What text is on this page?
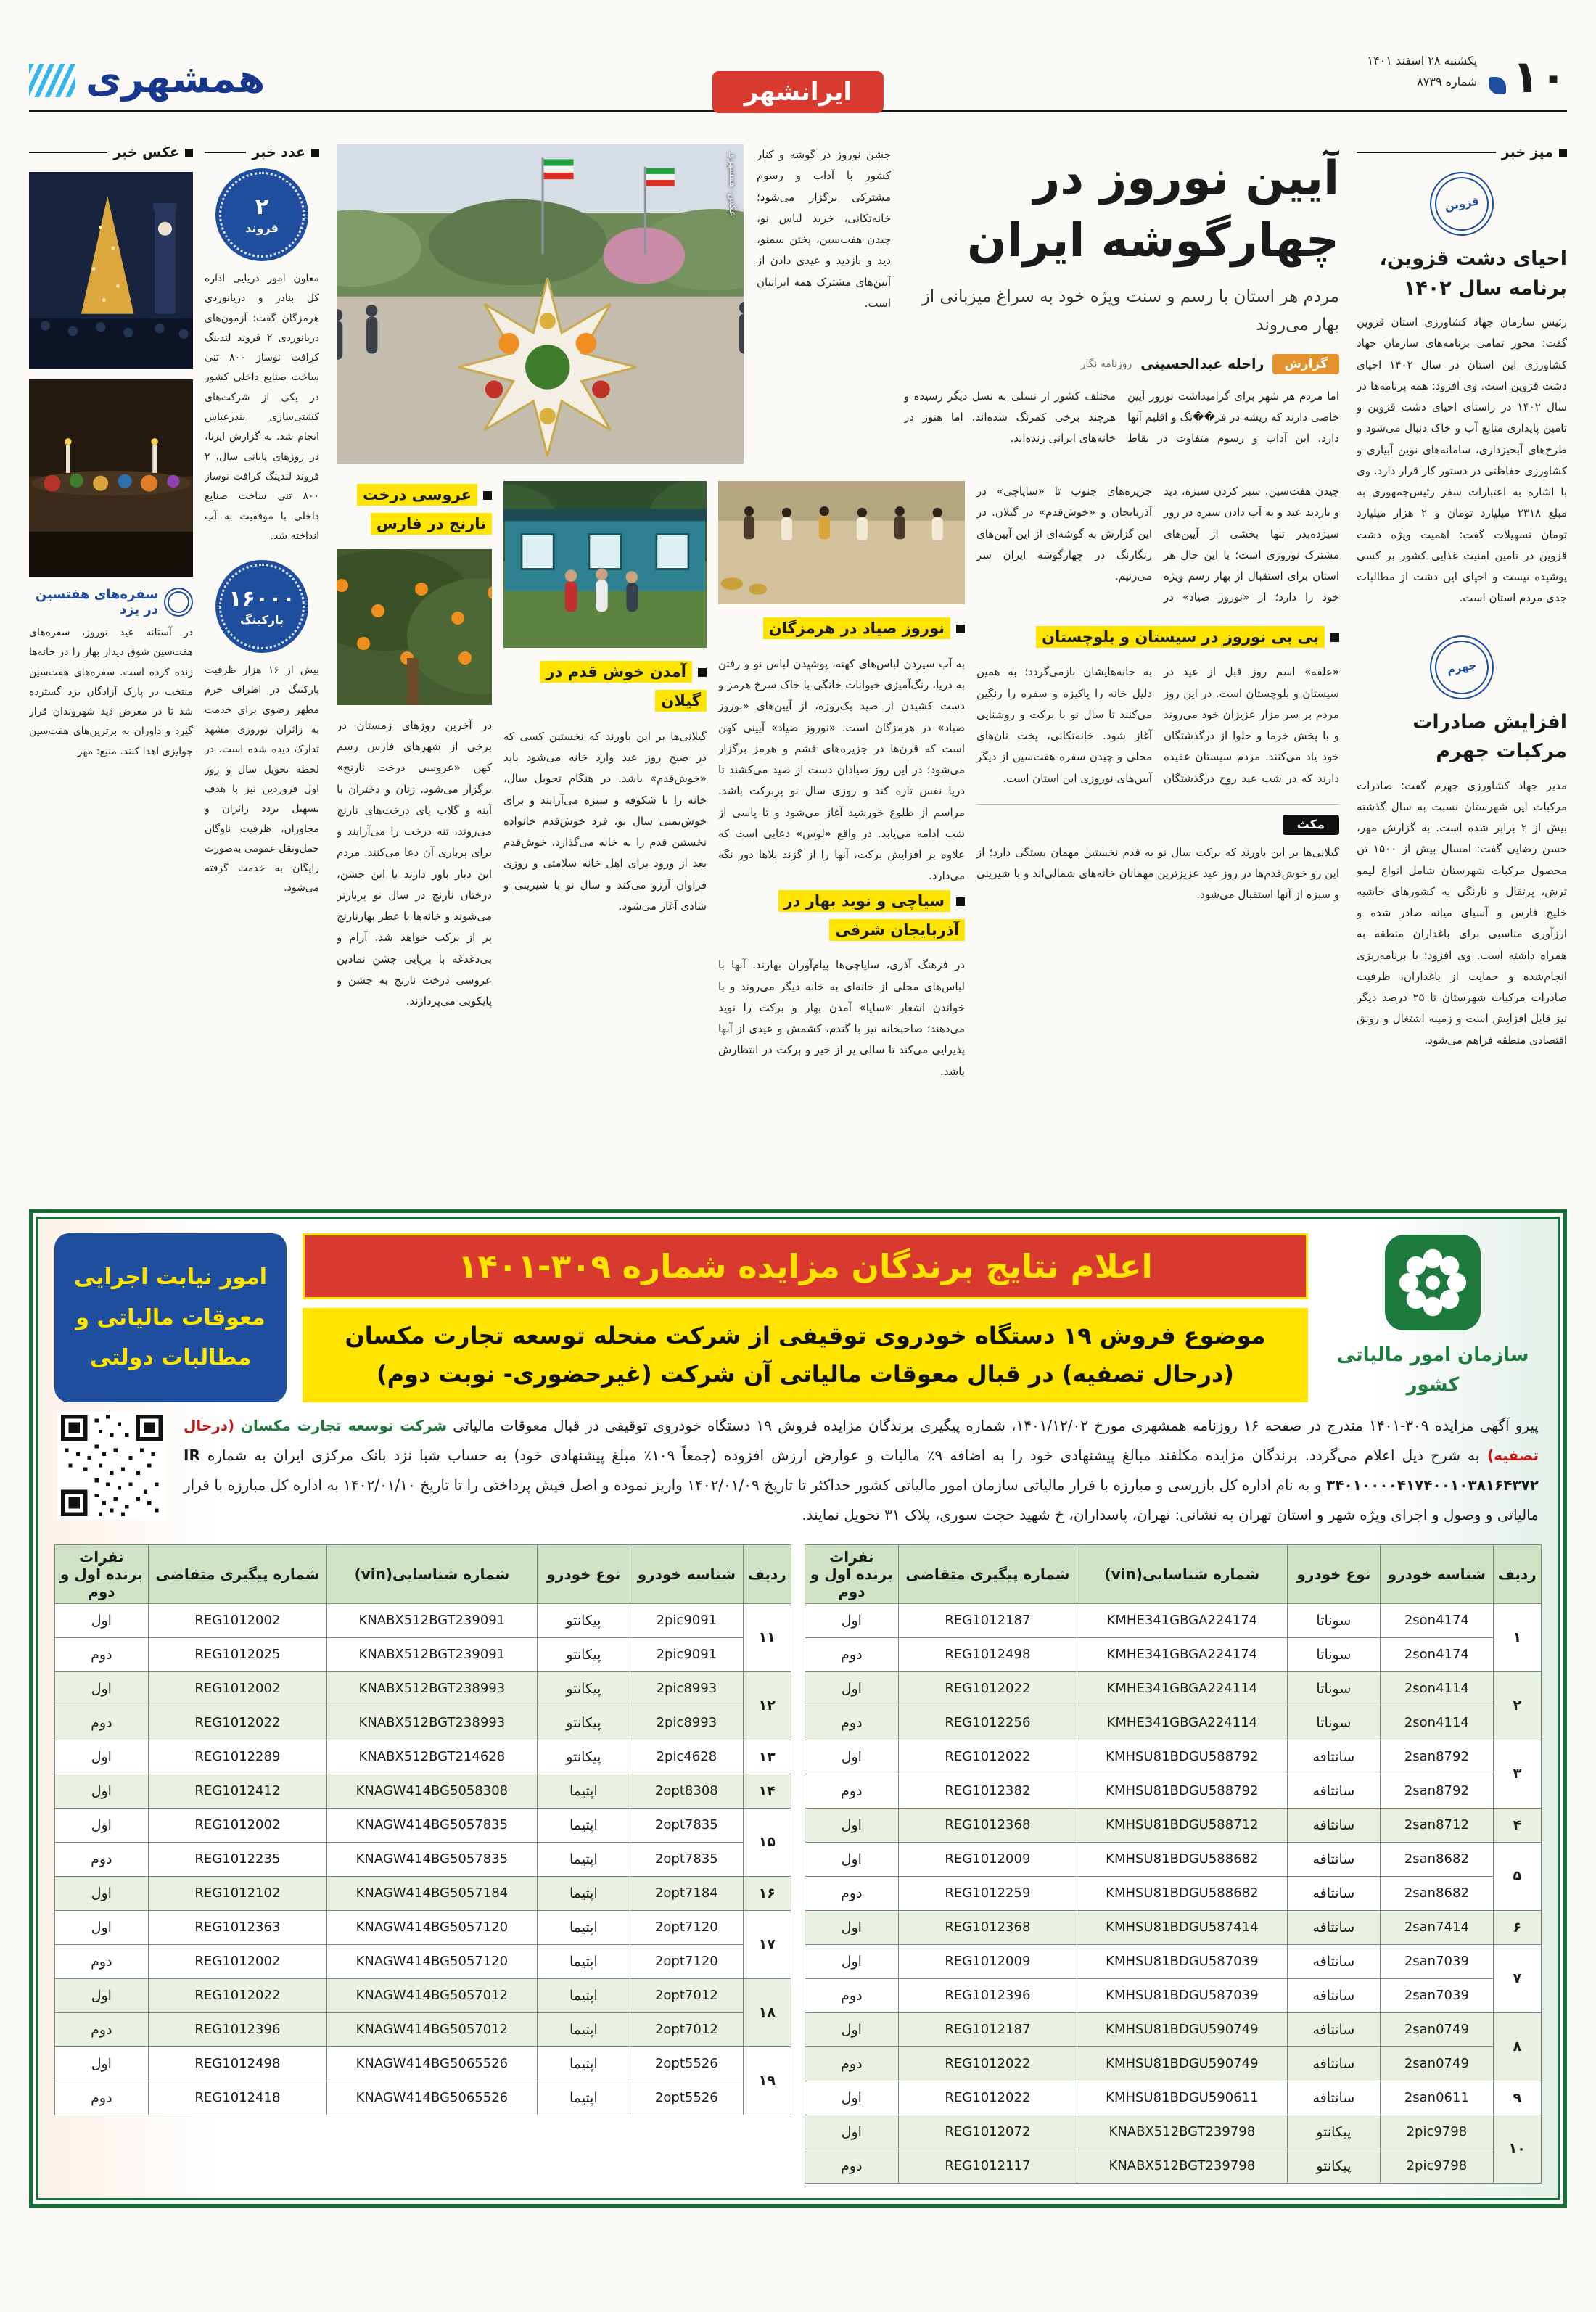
۱۰
یکشنبه ۲۸ اسفند ۱۴۰۱
شماره ۸۷۳۹
ایرانشهر
همشهری
میز خبر
قزوین
احیای دشت قزوین، برنامه سال ۱۴۰۲

رئیس سازمان جهاد کشاورزی استان قزوین گفت: محور تمامی برنامه‌های سازمان جهاد کشاورزی این استان در سال ۱۴۰۲ احیای دشت قزوین است. وی افزود: همه برنامه‌ها در سال ۱۴۰۲ در راستای احیای دشت قزوین و تامین پایداری منابع آب و خاک دنبال می‌شود و طرح‌های آبخیزداری، سامانه‌های نوین آبیاری و کشاورزی حفاظتی در دستور کار قرار دارد. وی با اشاره به اعتبارات سفر رئیس‌جمهوری به مبلغ ۲۳۱۸ میلیارد تومان و ۲ هزار میلیارد تومان تسهیلات گفت: اهمیت ویژه دشت قزوین در تامین امنیت غذایی کشور بر کسی پوشیده نیست و احیای این دشت از مطالبات جدی مردم استان است.

جهرم
افزایش صادرات مرکبات جهرم

مدیر جهاد کشاورزی جهرم گفت: صادرات مرکبات این شهرستان نسبت به سال گذشته بیش از ۲ برابر شده است. به گزارش مهر، حسن رضایی گفت: امسال بیش از ۱۵۰۰ تن محصول مرکبات شهرستان شامل انواع لیمو ترش، پرتقال و نارنگی به کشورهای حاشیه خلیج فارس و آسیای میانه صادر شده و ارزآوری مناسبی برای باغداران منطقه به همراه داشته است. وی افزود: با برنامه‌ریزی انجام‌شده و حمایت از باغداران، ظرفیت صادرات مرکبات شهرستان تا ۲۵ درصد دیگر نیز قابل افزایش است و زمینه اشتغال و رونق اقتصادی منطقه فراهم می‌شود.

آیین نوروز در چهارگوشه ایران

مردم هر استان با رسم و سنت ویژه خود به سراغ میزبانی از بهار می‌روند

گزارش
راحله عبدالحسینی
روزنامه نگار

اما مردم هر شهر برای گرامیداشت نوروز آیین خاصی دارند که ریشه در فر��نگ و اقلیم آنها دارد. این آداب و رسوم متفاوت در نقاط مختلف کشور از نسلی به نسل دیگر رسیده و هرچند برخی کمرنگ شده‌اند، اما هنوز در خانه‌های ایرانی زنده‌اند.

جشن نوروز در گوشه و کنار کشور با آداب و رسوم مشترکی برگزار می‌شود؛ خانه‌تکانی، خرید لباس نو، چیدن هفت‌سین، پختن سمنو، دید و بازدید و عیدی دادن از آیین‌های مشترک همه ایرانیان است.

عکس: همشهری

چیدن هفت‌سین، سبز کردن سبزه، دید و بازدید عید و به آب دادن سبزه در روز سیزده‌بدر تنها بخشی از آیین‌های مشترک نوروزی است؛ با این حال هر استان برای استقبال از بهار رسم ویژه خود را دارد؛ از «نوروز صیاد» در جزیره‌های جنوب تا «سایاچی» در آذربایجان و «خوش‌قدم» در گیلان. در این گزارش به گوشه‌ای از این آیین‌های رنگارنگ در چهارگوشه ایران سر می‌زنیم.

بی بی نوروز در سیستان و بلوچستان

«علفه» اسم روز قبل از عید در سیستان و بلوچستان است. در این روز مردم بر سر مزار عزیزان خود می‌روند و با پخش خرما و حلوا از درگذشتگان خود یاد می‌کنند. مردم سیستان عقیده دارند که در شب عید روح درگذشتگان به خانه‌هایشان بازمی‌گردد؛ به همین دلیل خانه را پاکیزه و سفره را رنگین می‌کنند تا سال نو با برکت و روشنایی آغاز شود. خانه‌تکانی، پخت نان‌های محلی و چیدن سفره هفت‌سین از دیگر آیین‌های نوروزی این استان است.

مکث

گیلانی‌ها بر این باورند که برکت سال نو به قدم نخستین مهمان بستگی دارد؛ از این رو خوش‌قدم‌ها در روز عید عزیزترین مهمانان خانه‌های شمالی‌اند و با شیرینی و سبزه از آنها استقبال می‌شود.

نوروز صیاد در هرمزگان

به آب سپردن لباس‌های کهنه، پوشیدن لباس نو و رفتن به دریا، رنگ‌آمیزی حیوانات خانگی با خاک سرخ هرمز و دست کشیدن از صید یک‌روزه، از آیین‌های «نوروز صیاد» در هرمزگان است. «نوروز صیاد» آیینی کهن است که قرن‌ها در جزیره‌های قشم و هرمز برگزار می‌شود؛ در این روز صیادان دست از صید می‌کشند تا دریا نفس تازه کند و روزی سال نو پربرکت باشد. مراسم از طلوع خورشید آغاز می‌شود و تا پاسی از شب ادامه می‌یابد. در واقع «لوس» دعایی است که علاوه بر افزایش برکت، آنها را از گزند بلاها دور نگه می‌دارد.

سیاچی و نوید بهار در آذربایجان شرقی

در فرهنگ آذری، سایاچی‌ها پیام‌آوران بهارند. آنها با لباس‌های محلی از خانه‌ای به خانه دیگر می‌روند و با خواندن اشعار «سایا» آمدن بهار و برکت را نوید می‌دهند؛ صاحبخانه نیز با گندم، کشمش و عیدی از آنها پذیرایی می‌کند تا سالی پر از خیر و برکت در انتظارش باشد.

آمدن خوش قدم در گیلان

گیلانی‌ها بر این باورند که نخستین کسی که در صبح روز عید وارد خانه می‌شود باید «خوش‌قدم» باشد. در هنگام تحویل سال، خانه را با شکوفه و سبزه می‌آرایند و برای خوش‌یمنی سال نو، فرد خوش‌قدم خانواده نخستین قدم را به خانه می‌گذارد. خوش‌قدم بعد از ورود برای اهل خانه سلامتی و روزی فراوان آرزو می‌کند و سال نو با شیرینی و شادی آغاز می‌شود.

عروسی درخت نارنج در فارس

در آخرین روزهای زمستان در برخی از شهرهای فارس رسم کهن «عروسی درخت نارنج» برگزار می‌شود. زنان و دختران با آینه و گلاب پای درخت‌های نارنج می‌روند، تنه درخت را می‌آرایند و برای پرباری آن دعا می‌کنند. مردم این دیار باور دارند با این جشن، درختان نارنج در سال نو پربارتر می‌شوند و خانه‌ها با عطر بهارنارنج پر از برکت خواهد شد. آرام و بی‌دغدغه با برپایی جشن نمادین عروسی درخت نارنج به جشن و پایکوبی می‌پردازند.

عدد خبر
۲
فروند

معاون امور دریایی اداره کل بنادر و دریانوردی هرمزگان گفت: آزمون‌های دریانوردی ۲ فروند لندینگ کرافت نوساز ۸۰۰ تنی ساخت صنایع داخلی کشور در یکی از شرکت‌های کشتی‌سازی بندرعباس انجام شد. به گزارش ایرنا، در روزهای پایانی سال، ۲ فروند لندینگ کرافت نوساز ۸۰۰ تنی ساخت صنایع داخلی با موفقیت به آب انداخته شد.

۱۶۰۰۰
پارکینگ

بیش از ۱۶ هزار ظرفیت پارکینگ در اطراف حرم مطهر رضوی برای خدمت به زائران نوروزی مشهد تدارک دیده شده است. در لحظه تحویل سال و روز اول فروردین نیز با هدف تسهیل تردد زائران و مجاوران، ظرفیت ناوگان حمل‌ونقل عمومی به‌صورت رایگان به خدمت گرفته می‌شود.

عکس خبر
سفره‌های هفتسین در یزد

در آستانه عید نوروز، سفره‌های هفت‌سین شوق دیدار بهار را در خانه‌ها زنده کرده است. سفره‌های هفت‌سین منتخب در پارک آزادگان یزد گسترده شد تا در معرض دید شهروندان قرار گیرد و داوران به برترین‌های هفت‌سین جوایزی اهدا کنند. منبع: مهر

سازمان امور مالیاتی کشور
اعلام نتایج برندگان مزایده شماره ۳۰۹-۱۴۰۱
موضوع فروش ۱۹ دستگاه خودروی توقیفی از شرکت منحله توسعه تجارت مکسان (درحال تصفیه) در قبال معوقات مالیاتی آن شرکت (غیرحضوری- نوبت دوم)
امور نیابت اجرایی معوقات مالیاتی و مطالبات دولتی

پیرو آگهی مزایده ۳۰۹-۱۴۰۱ مندرج در صفحه ۱۶ روزنامه همشهری مورخ ۱۴۰۱/۱۲/۰۲، شماره پیگیری برندگان مزایده فروش ۱۹ دستگاه خودروی توقیفی در قبال معوقات مالیاتی شرکت توسعه تجارت مکسان (درحال تصفیه) به شرح ذیل اعلام می‌گردد. برندگان مزایده مکلفند مبالغ پیشنهادی خود را به اضافه ۹٪ مالیات و عوارض ارزش افزوده (جمعاً ۱۰۹٪ مبلغ پیشنهادی خود) به حساب شبا نزد بانک مرکزی ایران به شماره IR ۳۴۰۱۰۰۰۰۴۱۷۴۰۰۱۰۳۸۱۶۴۳۷۲ و به نام اداره کل بازرسی و مبارزه با فرار مالیاتی سازمان امور مالیاتی کشور حداکثر تا تاریخ ۱۴۰۲/۰۱/۰۹ واریز نموده و اصل فیش پرداختی را تا تاریخ ۱۴۰۲/۰۱/۱۰ به اداره کل مبارزه با فرار مالیاتی و وصول و اجرای ویژه شهر و استان تهران به نشانی: تهران، پاسداران، خ شهید حجت سوری، پلاک ۳۱ تحویل نمایند.

ردیف	شناسه خودرو	نوع خودرو	شماره شناسایی(vin)	شماره پیگیری متقاضی	نفرات برنده اول و دوم
۱	2son4174	سوناتا	KMHE341GBGA224174	REG1012187	اول
	2son4174	سوناتا	KMHE341GBGA224174	REG1012498	دوم
۲	2son4114	سوناتا	KMHE341GBGA224114	REG1012022	اول
	2son4114	سوناتا	KMHE341GBGA224114	REG1012256	دوم
۳	2san8792	سانتافه	KMHSU81BDGU588792	REG1012022	اول
	2san8792	سانتافه	KMHSU81BDGU588792	REG1012382	دوم
۴	2san8712	سانتافه	KMHSU81BDGU588712	REG1012368	اول
۵	2san8682	سانتافه	KMHSU81BDGU588682	REG1012009	اول
	2san8682	سانتافه	KMHSU81BDGU588682	REG1012259	دوم
۶	2san7414	سانتافه	KMHSU81BDGU587414	REG1012368	اول
۷	2san7039	سانتافه	KMHSU81BDGU587039	REG1012009	اول
	2san7039	سانتافه	KMHSU81BDGU587039	REG1012396	دوم
۸	2san0749	سانتافه	KMHSU81BDGU590749	REG1012187	اول
	2san0749	سانتافه	KMHSU81BDGU590749	REG1012022	دوم
۹	2san0611	سانتافه	KMHSU81BDGU590611	REG1012022	اول
۱۰	2pic9798	پیکانتو	KNABX512BGT239798	REG1012072	اول
	2pic9798	پیکانتو	KNABX512BGT239798	REG1012117	دوم
ردیف	شناسه خودرو	نوع خودرو	شماره شناسایی(vin)	شماره پیگیری متقاضی	نفرات برنده اول و دوم
۱۱	2pic9091	پیکانتو	KNABX512BGT239091	REG1012002	اول
	2pic9091	پیکانتو	KNABX512BGT239091	REG1012025	دوم
۱۲	2pic8993	پیکانتو	KNABX512BGT238993	REG1012002	اول
	2pic8993	پیکانتو	KNABX512BGT238993	REG1012022	دوم
۱۳	2pic4628	پیکانتو	KNABX512BGT214628	REG1012289	اول
۱۴	2opt8308	اپتیما	KNAGW414BG5058308	REG1012412	اول
۱۵	2opt7835	اپتیما	KNAGW414BG5057835	REG1012002	اول
	2opt7835	اپتیما	KNAGW414BG5057835	REG1012235	دوم
۱۶	2opt7184	اپتیما	KNAGW414BG5057184	REG1012102	اول
۱۷	2opt7120	اپتیما	KNAGW414BG5057120	REG1012363	اول
	2opt7120	اپتیما	KNAGW414BG5057120	REG1012002	دوم
۱۸	2opt7012	اپتیما	KNAGW414BG5057012	REG1012022	اول
	2opt7012	اپتیما	KNAGW414BG5057012	REG1012396	دوم
۱۹	2opt5526	اپتیما	KNAGW414BG5065526	REG1012498	اول
	2opt5526	اپتیما	KNAGW414BG5065526	REG1012418	دوم
